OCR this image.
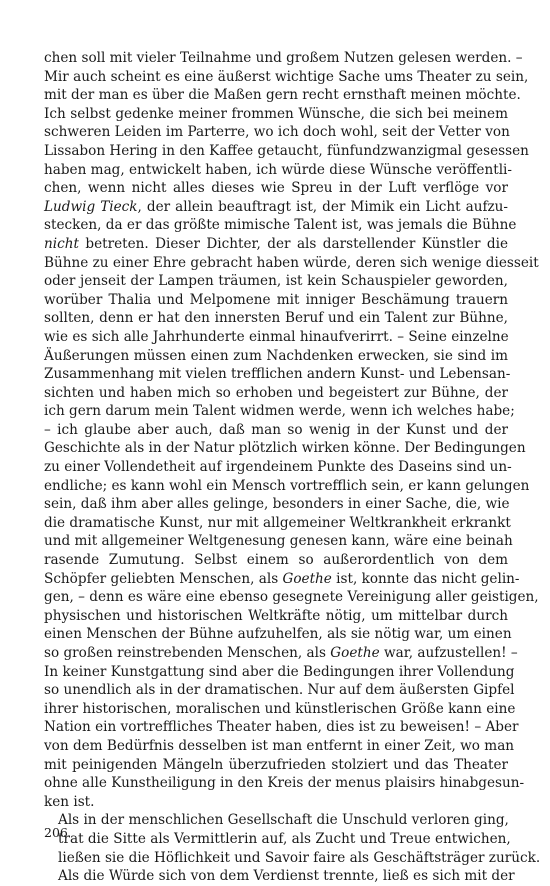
chen soll mit vieler Teilnahme und großem Nutzen gelesen werden. –
Mir auch scheint es eine äußerst wichtige Sache ums Theater zu sein,
mit der man es über die Maßen gern recht ernsthaft meinen möchte.
Ich selbst gedenke meiner frommen Wünsche, die sich bei meinem
schweren Leiden im Parterre, wo ich doch wohl, seit der Vetter von
Lissabon Hering in den Kaffee getaucht, fünfundzwanzigmal gesessen
haben mag, entwickelt haben, ich würde diese Wünsche veröffentli-
chen, wenn nicht alles dieses wie Spreu in der Luft verflöge vor
Ludwig Tieck, der allein beauftragt ist, der Mimik ein Licht aufzu-
stecken, da er das größte mimische Talent ist, was jemals die Bühne
nicht betreten. Dieser Dichter, der als darstellender Künstler die
Bühne zu einer Ehre gebracht haben würde, deren sich wenige diesseit
oder jenseit der Lampen träumen, ist kein Schauspieler geworden,
worüber Thalia und Melpomene mit inniger Beschämung trauern
sollten, denn er hat den innersten Beruf und ein Talent zur Bühne,
wie es sich alle Jahrhunderte einmal hinaufverirrt. – Seine einzelne
Äußerungen müssen einen zum Nachdenken erwecken, sie sind im
Zusammenhang mit vielen trefflichen andern Kunst- und Lebensan-
sichten und haben mich so erhoben und begeistert zur Bühne, der
ich gern darum mein Talent widmen werde, wenn ich welches habe;
– ich glaube aber auch, daß man so wenig in der Kunst und der
Geschichte als in der Natur plötzlich wirken könne. Der Bedingungen
zu einer Vollendetheit auf irgendeinem Punkte des Daseins sind un-
endliche; es kann wohl ein Mensch vortrefflich sein, er kann gelungen
sein, daß ihm aber alles gelinge, besonders in einer Sache, die, wie
die dramatische Kunst, nur mit allgemeiner Weltkrankheit erkrankt
und mit allgemeiner Weltgenesung genesen kann, wäre eine beinah
rasende Zumutung. Selbst einem so außerordentlich von dem
Schöpfer geliebten Menschen, als Goethe ist, konnte das nicht gelin-
gen, – denn es wäre eine ebenso gesegnete Vereinigung aller geistigen,
physischen und historischen Weltkräfte nötig, um mittelbar durch
einen Menschen der Bühne aufzuhelfen, als sie nötig war, um einen
so großen reinstrebenden Menschen, als Goethe war, aufzustellen! –
In keiner Kunstgattung sind aber die Bedingungen ihrer Vollendung
so unendlich als in der dramatischen. Nur auf dem äußersten Gipfel
ihrer historischen, moralischen und künstlerischen Größe kann eine
Nation ein vortreffliches Theater haben, dies ist zu beweisen! – Aber
von dem Bedürfnis desselben ist man entfernt in einer Zeit, wo man
mit peinigenden Mängeln überzufrieden stolziert und das Theater
ohne alle Kunstheiligung in den Kreis der menus plaisirs hinabgesun-
ken ist.

Als in der menschlichen Gesellschaft die Unschuld verloren ging,
trat die Sitte als Vermittlerin auf, als Zucht und Treue entwichen,
ließen sie die Höflichkeit und Savoir faire als Geschäftsträger zurück.
Als die Würde sich von dem Verdienst trennte, ließ es sich mit der

206
